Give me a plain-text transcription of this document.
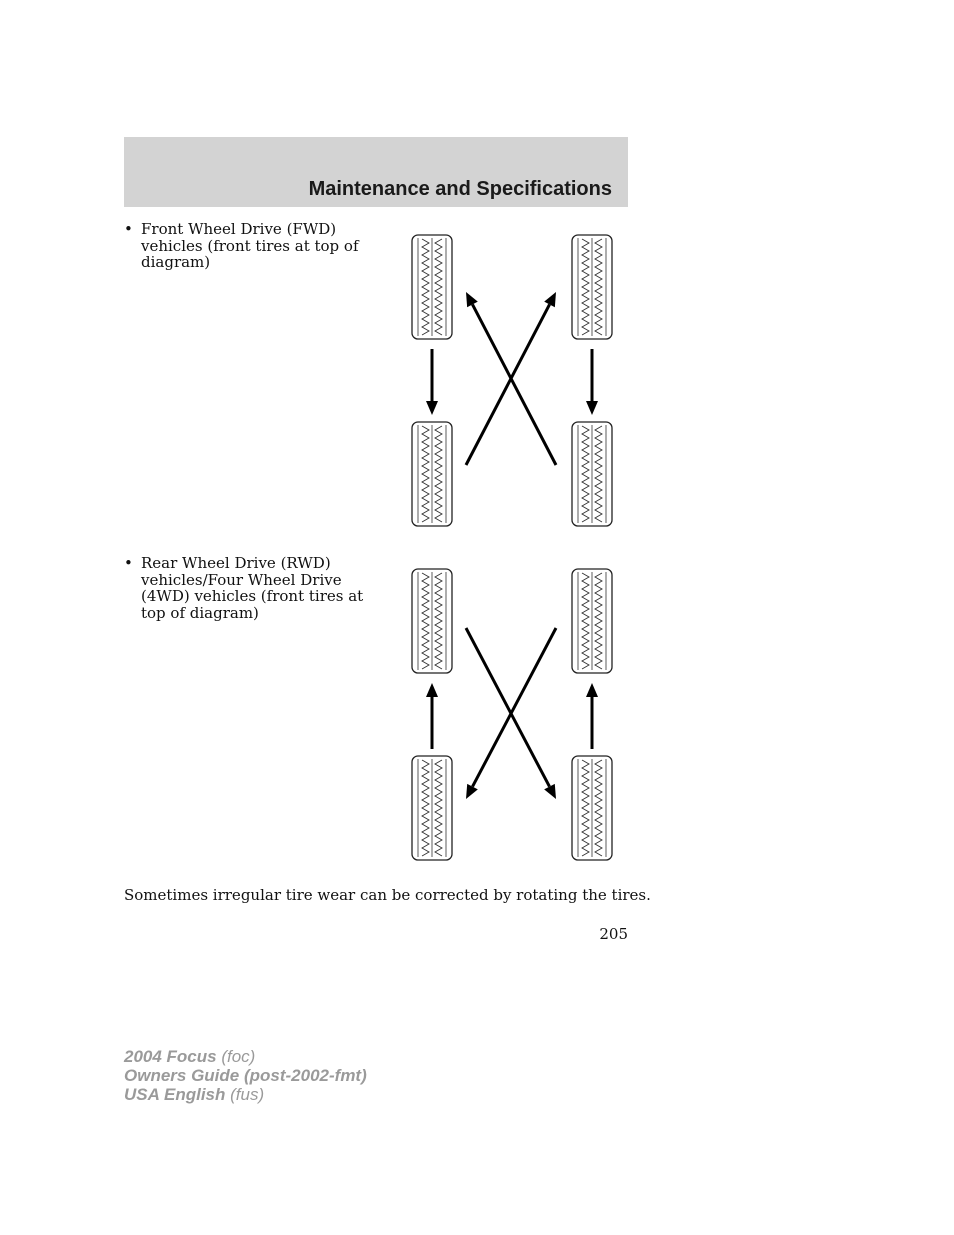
Maintenance and Specifications
• Front Wheel Drive (FWD) vehicles (front tires at top of diagram)
• Rear Wheel Drive (RWD) vehicles/Four Wheel Drive (4WD) vehicles (front tires at top of diagram)

Sometimes irregular tire wear can be corrected by rotating the tires.

205

2004 Focus (foc)
Owners Guide (post-2002-fmt)
USA English (fus)
